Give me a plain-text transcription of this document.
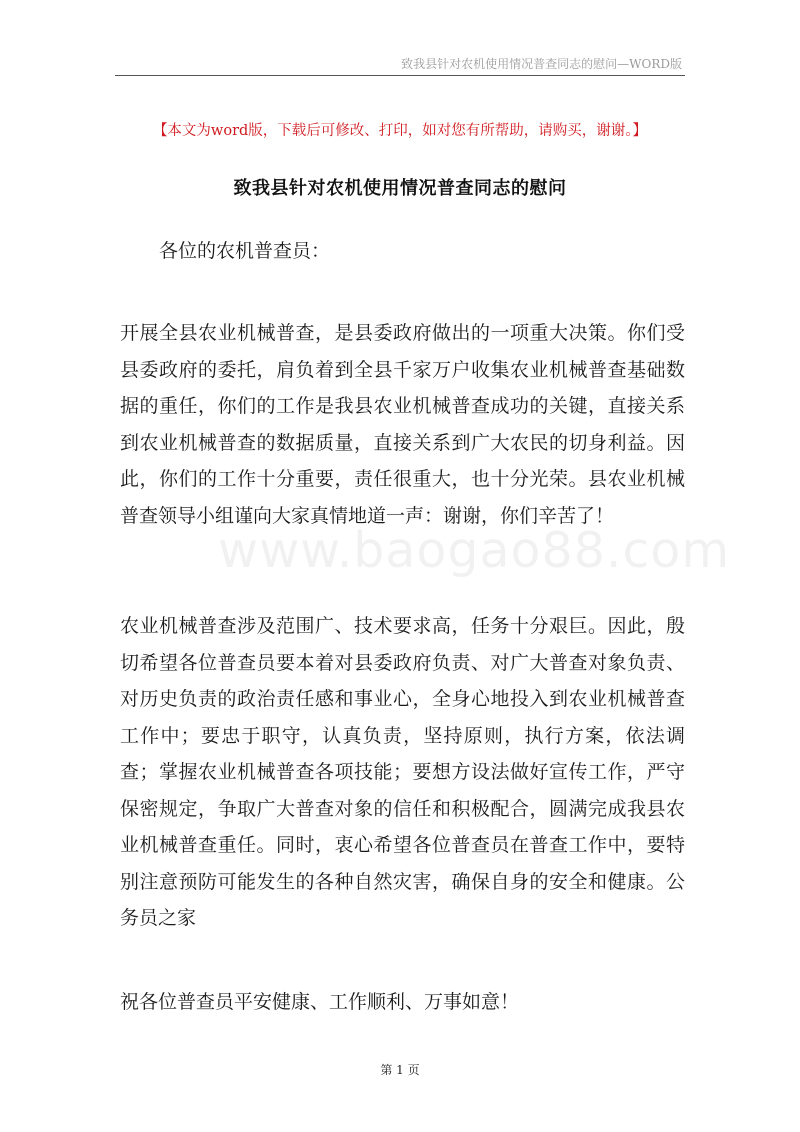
致我县针对农机使用情况普查同志的慰问—WORD版
【本文为word版，下载后可修改、打印，如对您有所帮助，请购买，谢谢。】
致我县针对农机使用情况普查同志的慰问
各位的农机普查员：
开展全县农业机械普查，是县委政府做出的一项重大决策。你们受县委政府的委托，肩负着到全县千家万户收集农业机械普查基础数据的重任，你们的工作是我县农业机械普查成功的关键，直接关系到农业机械普查的数据质量，直接关系到广大农民的切身利益。因此，你们的工作十分重要，责任很重大，也十分光荣。县农业机械普查领导小组谨向大家真情地道一声：谢谢，你们辛苦了！
农业机械普查涉及范围广、技术要求高，任务十分艰巨。因此，殷切希望各位普查员要本着对县委政府负责、对广大普查对象负责、对历史负责的政治责任感和事业心，全身心地投入到农业机械普查工作中；要忠于职守，认真负责，坚持原则，执行方案，依法调查；掌握农业机械普查各项技能；要想方设法做好宣传工作，严守保密规定，争取广大普查对象的信任和积极配合，圆满完成我县农业机械普查重任。同时，衷心希望各位普查员在普查工作中，要特别注意预防可能发生的各种自然灾害，确保自身的安全和健康。公务员之家
祝各位普查员平安健康、工作顺利、万事如意！
www.baogao88.com
第 1 页
